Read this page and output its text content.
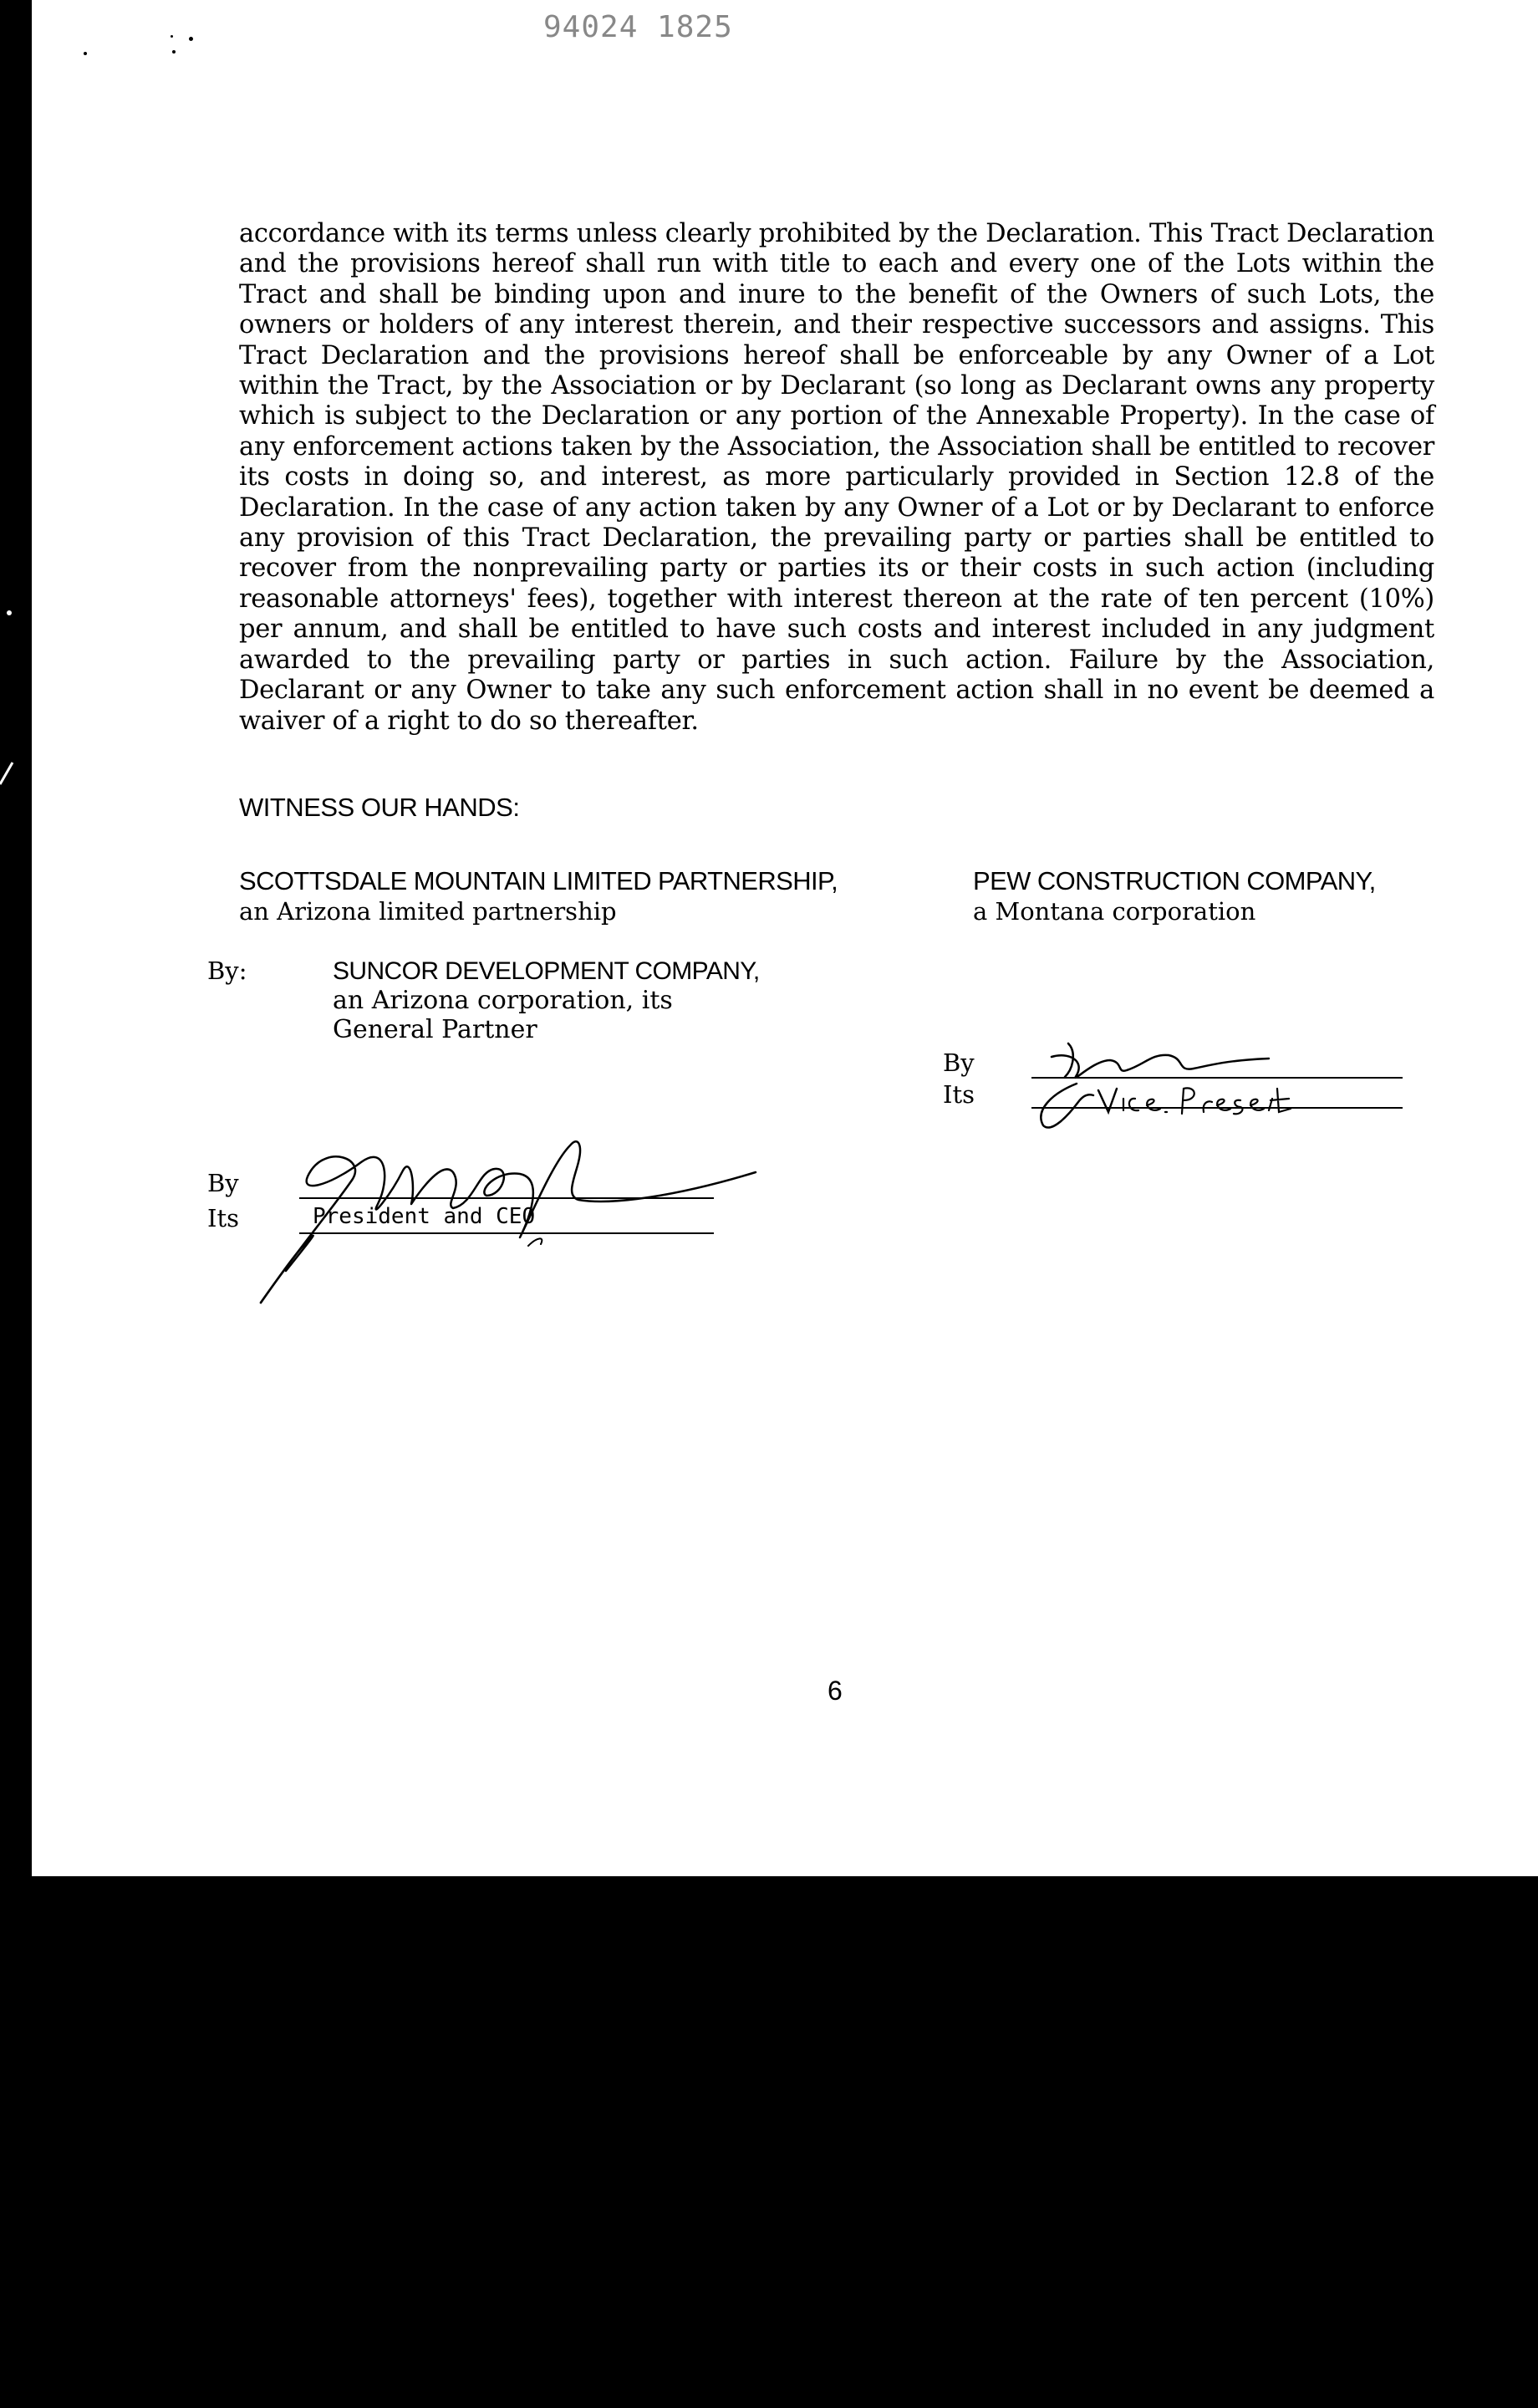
94024 1825

accordance with its terms unless clearly prohibited by the Declaration. This Tract Declaration and the provisions hereof shall run with title to each and every one of the Lots within the Tract and shall be binding upon and inure to the benefit of the Owners of such Lots, the owners or holders of any interest therein, and their respective successors and assigns. This Tract Declaration and the provisions hereof shall be enforceable by any Owner of a Lot within the Tract, by the Association or by Declarant (so long as Declarant owns any property which is subject to the Declaration or any portion of the Annexable Property). In the case of any enforcement actions taken by the Association, the Association shall be entitled to recover its costs in doing so, and interest, as more particularly provided in Section 12.8 of the Declaration. In the case of any action taken by any Owner of a Lot or by Declarant to enforce any provision of this Tract Declaration, the prevailing party or parties shall be entitled to recover from the nonprevailing party or parties its or their costs in such action (including reasonable attorneys' fees), together with interest thereon at the rate of ten percent (10%) per annum, and shall be entitled to have such costs and interest included in any judgment awarded to the prevailing party or parties in such action. Failure by the Association, Declarant or any Owner to take any such enforcement action shall in no event be deemed a waiver of a right to do so thereafter.

WITNESS OUR HANDS:
SCOTTSDALE MOUNTAIN LIMITED PARTNERSHIP,
an Arizona limited partnership
By:	SUNCOR DEVELOPMENT COMPANY,
an Arizona corporation, its
General Partner
By
Its	President and CEO
PEW CONSTRUCTION COMPANY,
a Montana corporation
By
Its
6
